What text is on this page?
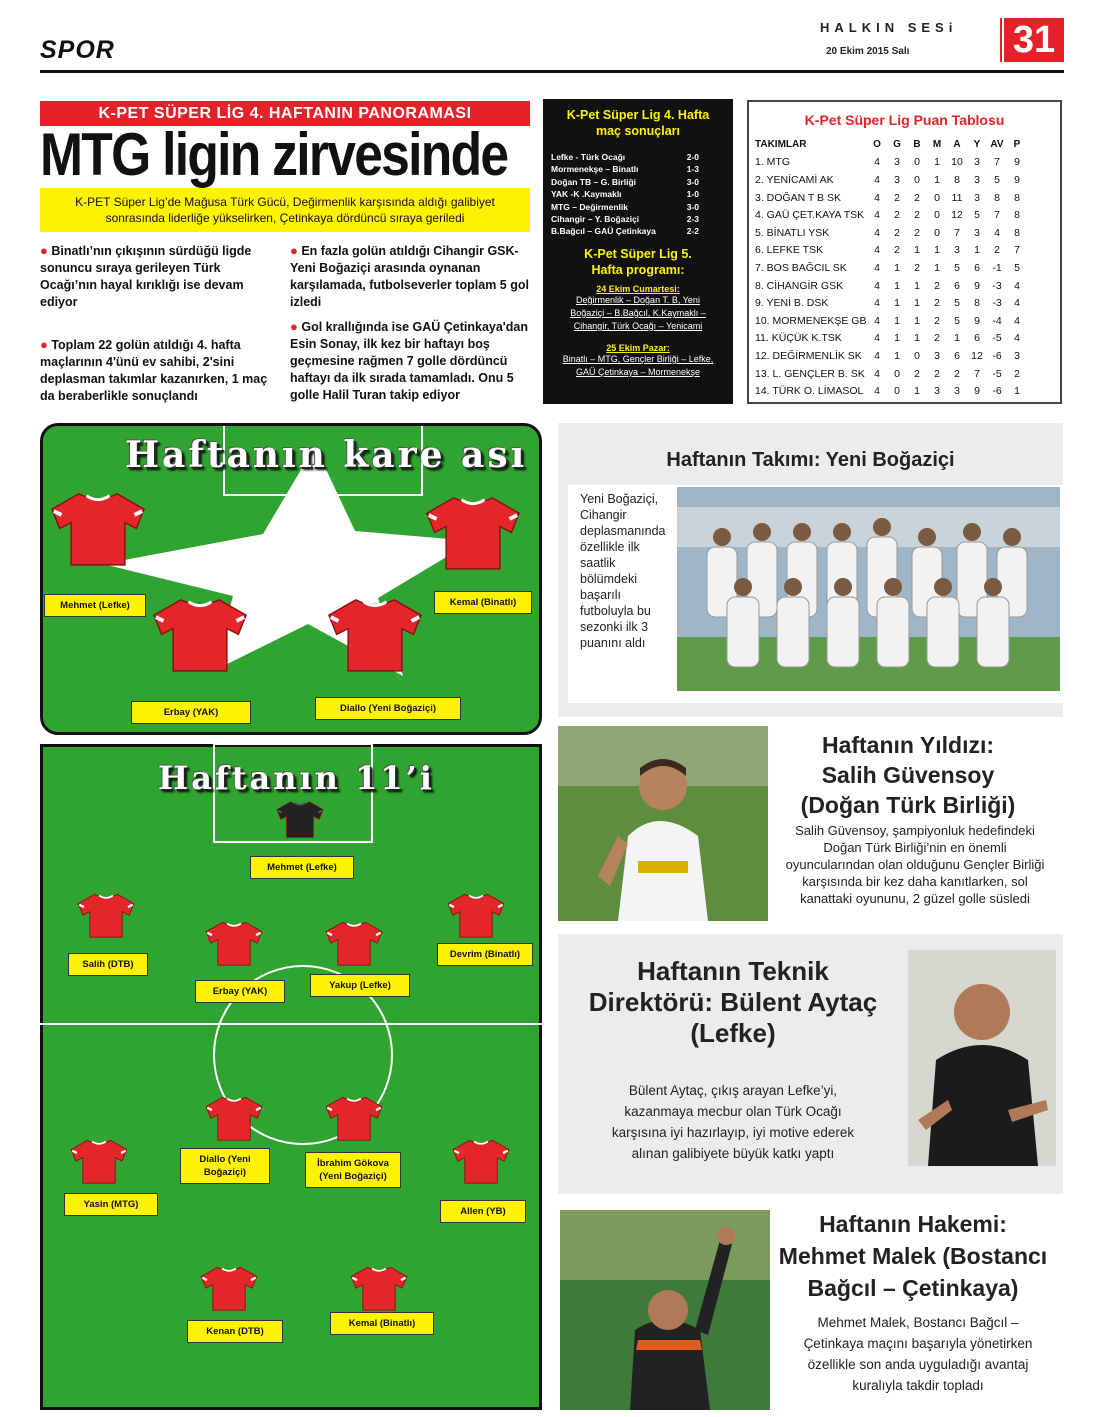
SPOR
HALKIN SESi
20 Ekim 2015 Salı	31
K-PET SÜPER LİG 4. HAFTANIN PANORAMASI
MTG ligin zirvesinde
K-PET Süper Lig’de Mağusa Türk Gücü, Değirmenlik karşısında aldığı galibiyet sonrasında liderliğe yükselirken, Çetinkaya dördüncü sıraya geriledi
● Binatlı’nın çıkışının sürdüğü ligde sonuncu sıraya gerileyen Türk Ocağı’nın hayal kırıklığı ise devam ediyor
● Toplam 22 golün atıldığı 4. hafta maçlarının 4'ünü ev sahibi, 2'sini deplasman takımlar kazanırken, 1 maç da beraberlikle sonuçlandı
● En fazla golün atıldığı Cihangir GSK-Yeni Boğaziçi arasında oynanan karşılamada, futbolseverler toplam 5 gol izledi
● Gol krallığında ise GAÜ Çetinkaya'dan Esin Sonay, ilk kez bir haftayı boş geçmesine rağmen 7 golle dördüncü haftayı da ilk sırada tamamladı. Onu 5 golle Halil Turan takip ediyor
K-Pet Süper Lig 4. Hafta maç sonuçları
Lefke - Türk Ocağı	2-0
Mormenekşe – Binatlı	1-3
Doğan TB – G. Birliği	3-0
YAK -K .Kaymaklı	1-0
MTG – Değirmenlik	3-0
Cihangir – Y. Boğaziçi	2-3
B.Bağcıl – GAÜ Çetinkaya	2-2
K-Pet Süper Lig 5. Hafta programı:
24 Ekim Cumartesi:
Değirmenlik – Doğan T. B, Yeni
Boğaziçi – B.Bağcıl, K.Kaymaklı –
Cihangir, Türk Ocağı – Yenicami
25 Ekim Pazar:
Binatlı – MTG, Gençler Birliği – Lefke,
GAÜ Çetinkaya – Mormenekşe
K-Pet Süper Lig Puan Tablosu
TAKIMLAR	O	G	B	M	A	Y	AV	P
1. MTG	4	3	0	1	10	3	7	9
2. YENİCAMİ AK	4	3	0	1	8	3	5	9
3. DOĞAN T B SK	4	2	2	0	11	3	8	8
4. GAÜ ÇET.KAYA TSK	4	2	2	0	12	5	7	8
5. BİNATLI YSK	4	2	2	0	7	3	4	8
6. LEFKE TSK	4	2	1	1	3	1	2	7
7. BOS BAĞCIL SK	4	1	2	1	5	6	-1	5
8. CİHANGİR GSK	4	1	1	2	6	9	-3	4
9. YENİ B. DSK	4	1	1	2	5	8	-3	4
10. MORMENEKŞE GB	4	1	1	2	5	9	-4	4
11. KÜÇÜK K.TSK	4	1	1	2	1	6	-5	4
12. DEĞİRMENLİK SK	4	1	0	3	6	12	-6	3
13. L. GENÇLER B. SK	4	0	2	2	2	7	-5	2
14. TÜRK O. LİMASOL	4	0	1	3	3	9	-6	1
Haftanın kare ası
Mehmet (Lefke)	Kemal (Binatlı)
Erbay (YAK)	Diallo (Yeni Boğaziçi)
Haftanın 11’i
Mehmet (Lefke)
Salih (DTB)
Devrim (Binatlı)
Erbay (YAK)
Yakup (Lefke)
Diallo (Yeni Boğaziçi)
İbrahim Gökova (Yeni Boğaziçi)
Yasin (MTG)
Allen (YB)
Kenan (DTB)
Kemal (Binatlı)
Haftanın Takımı: Yeni Boğaziçi
Yeni Boğaziçi, Cihangir deplasmanında özellikle ilk saatlik bölümdeki başarılı futboluyla bu sezonki ilk 3 puanını aldı
Haftanın Yıldızı:
Salih Güvensoy
(Doğan Türk Birliği)
Salih Güvensoy, şampiyonluk hedefindeki Doğan Türk Birliği’nin en önemli oyuncularından olan olduğunu Gençler Birliği karşısında bir kez daha kanıtlarken, sol kanattaki oyununu, 2 güzel golle süsledi
Haftanın Teknik
Direktörü: Bülent Aytaç
(Lefke)
Bülent Aytaç, çıkış arayan Lefke’yi, kazanmaya mecbur olan Türk Ocağı karşısına iyi hazırlayıp, iyi motive ederek alınan galibiyete büyük katkı yaptı
Haftanın Hakemi:
Mehmet Malek (Bostancı
Bağcıl – Çetinkaya)
Mehmet Malek, Bostancı Bağcıl – Çetinkaya maçını başarıyla yönetirken özellikle son anda uyguladığı avantaj kuralıyla takdir topladı
